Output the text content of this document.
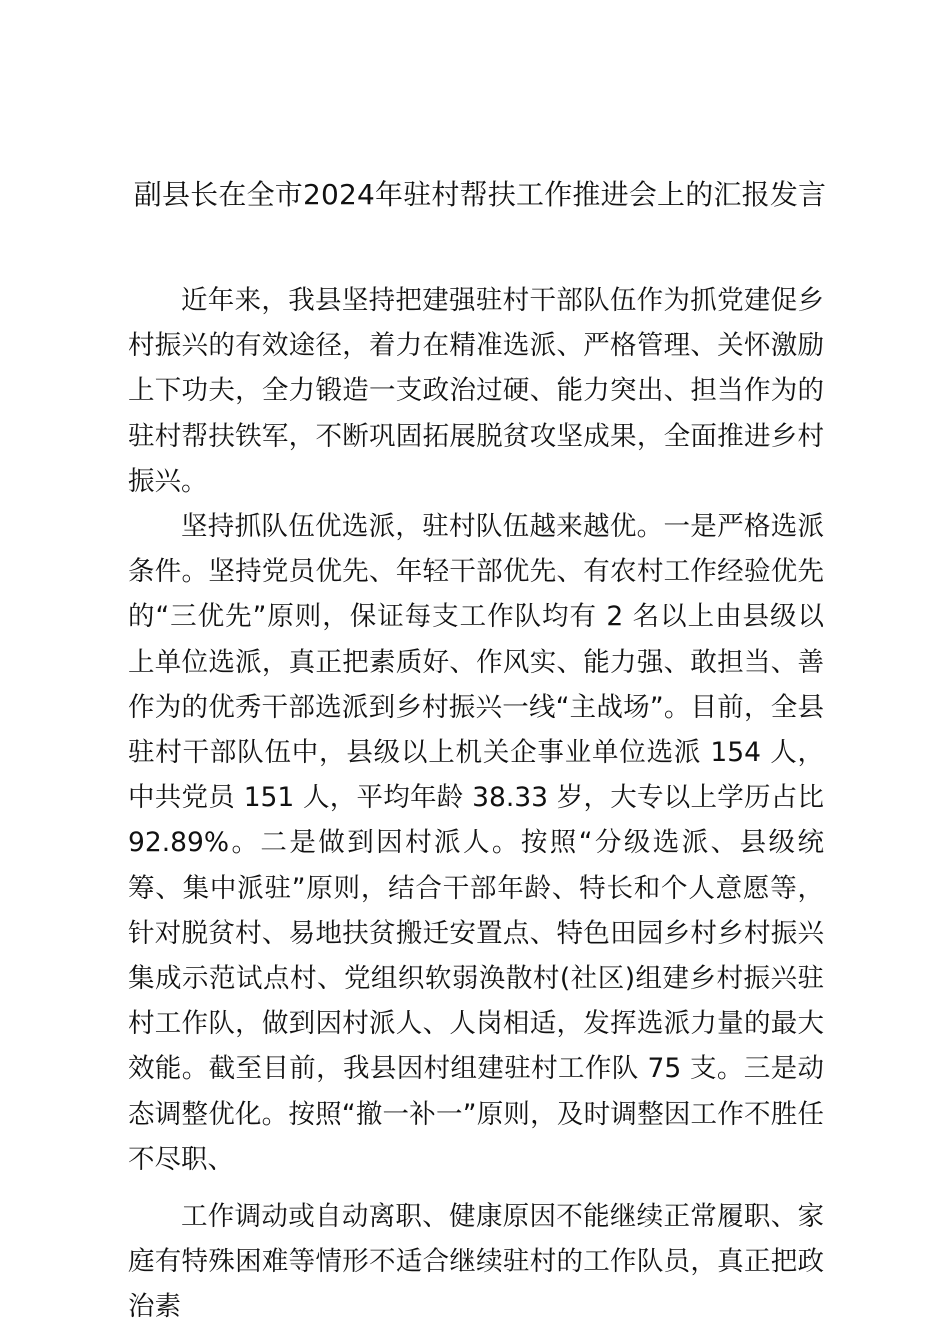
副县长在全市2024年驻村帮扶工作推进会上的汇报发言

近年来，我县坚持把建强驻村干部队伍作为抓党建促乡村振兴的有效途径，着力在精准选派、严格管理、关怀激励上下功夫，全力锻造一支政治过硬、能力突出、担当作为的驻村帮扶铁军，不断巩固拓展脱贫攻坚成果，全面推进乡村振兴。

坚持抓队伍优选派，驻村队伍越来越优。一是严格选派条件。坚持党员优先、年轻干部优先、有农村工作经验优先的“三优先”原则，保证每支工作队均有 2 名以上由县级以上单位选派，真正把素质好、作风实、能力强、敢担当、善作为的优秀干部选派到乡村振兴一线“主战场”。目前，全县驻村干部队伍中，县级以上机关企事业单位选派 154 人，中共党员 151 人，平均年龄 38.33 岁，大专以上学历占比 92.89%。二是做到因村派人。按照“分级选派、县级统筹、集中派驻”原则，结合干部年龄、特长和个人意愿等，针对脱贫村、易地扶贫搬迁安置点、特色田园乡村乡村振兴集成示范试点村、党组织软弱涣散村(社区)组建乡村振兴驻村工作队，做到因村派人、人岗相适，发挥选派力量的最大效能。截至目前，我县因村组建驻村工作队 75 支。三是动态调整优化。按照“撤一补一”原则，及时调整因工作不胜任不尽职、

工作调动或自动离职、健康原因不能继续正常履职、家庭有特殊困难等情形不适合继续驻村的工作队员，真正把政治素
